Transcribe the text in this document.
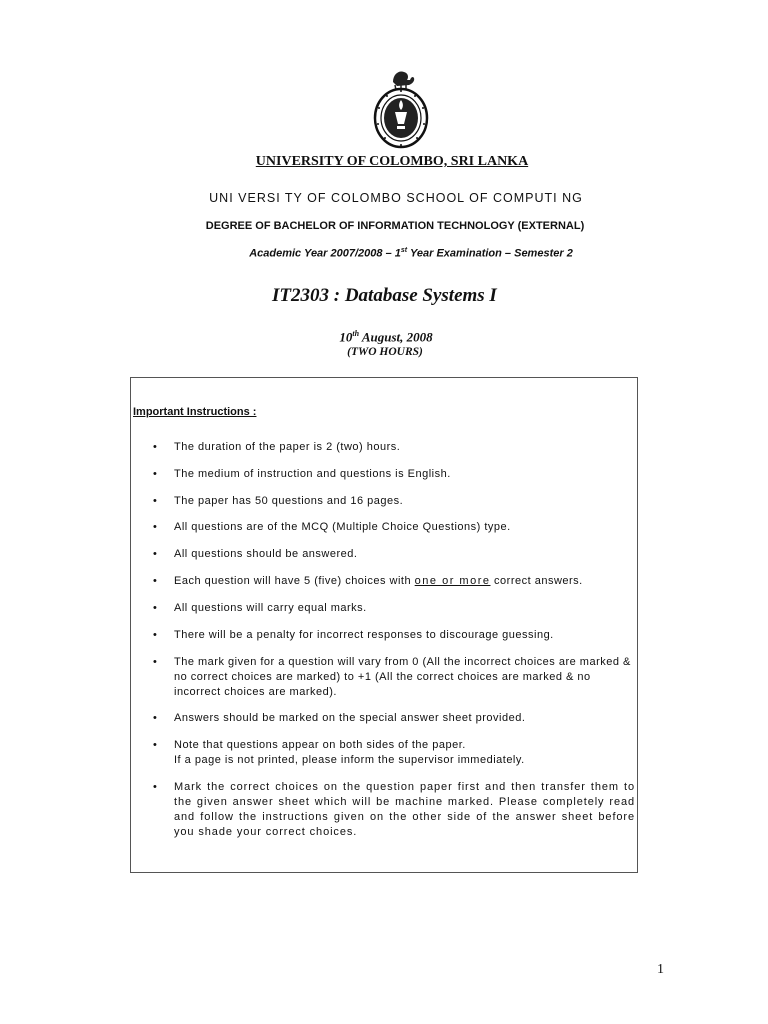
UNIVERSITY OF COLOMBO, SRI LANKA
UNI VERSI TY OF COLOMBO SCHOOL OF COMPUTI NG
DEGREE OF BACHELOR OF INFORMATION TECHNOLOGY (EXTERNAL)
Academic Year 2007/2008 – 1st Year Examination – Semester 2
IT2303 : Database Systems I
10th August, 2008
(TWO HOURS)
Important Instructions :
• The duration of the paper is 2 (two) hours.
• The medium of instruction and questions is English.
• The paper has 50 questions and 16 pages.
• All questions are of the MCQ (Multiple Choice Questions) type.
• All questions should be answered.
• Each question will have 5 (five) choices with one or more correct answers.
• All questions will carry equal marks.
• There will be a penalty for incorrect responses to discourage guessing.
• The mark given for a question will vary from 0 (All the incorrect choices are marked & no correct choices are marked) to +1 (All the correct choices are marked & no incorrect choices are marked).
• Answers should be marked on the special answer sheet provided.
• Note that questions appear on both sides of the paper.
If a page is not printed, please inform the supervisor immediately.
• Mark the correct choices on the question paper first and then transfer them to the given answer sheet which will be machine marked. Please completely read and follow the instructions given on the other side of the answer sheet before you shade your correct choices.
1
